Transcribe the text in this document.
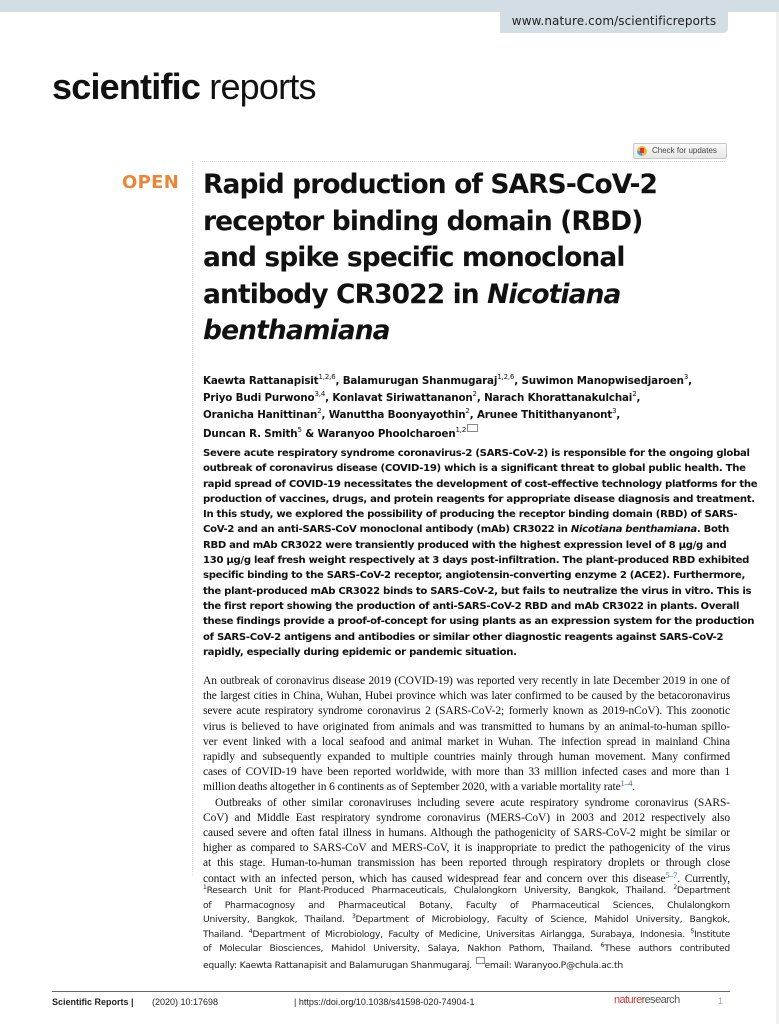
www.nature.com/scientificreports
scientific reports
Check for updates
OPEN Rapid production of SARS-CoV-2
receptor binding domain (RBD)
and spike specific monoclonal
antibody CR3022 in Nicotiana
benthamiana
Kaewta Rattanapisit$^{1,2,6}$, Balamurugan Shanmugaraj$^{1,2,6}$, Suwimon Manopwisedjaroen$^3$,
Priyo Budi Purwono$^{3,4}$, Konlavat Siriwattananon$^2$, Narach Khorattanakulchai$^2$,
Oranicha Hanittinan$^2$, Wanuttha Boonyayothin$^2$, Arunee Thitithanyanont$^3$,
Duncan R. Smith$^5$ & Waranyoo Phoolcharoen$^{1,2}$
Severe acute respiratory syndrome coronavirus-2 (SARS-CoV-2) is responsible for the ongoing global
outbreak of coronavirus disease (COVID-19) which is a significant threat to global public health. The
rapid spread of COVID-19 necessitates the development of cost-effective technology platforms for the
production of vaccines, drugs, and protein reagents for appropriate disease diagnosis and treatment.
In this study, we explored the possibility of producing the receptor binding domain (RBD) of SARS-
CoV-2 and an anti-SARS-CoV monoclonal antibody (mAb) CR3022 in Nicotiana benthamiana. Both
RBD and mAb CR3022 were transiently produced with the highest expression level of 8 µg/g and
130 µg/g leaf fresh weight respectively at 3 days post-infiltration. The plant-produced RBD exhibited
specific binding to the SARS-CoV-2 receptor, angiotensin-converting enzyme 2 (ACE2). Furthermore,
the plant-produced mAb CR3022 binds to SARS-CoV-2, but fails to neutralize the virus in vitro. This is
the first report showing the production of anti-SARS-CoV-2 RBD and mAb CR3022 in plants. Overall
these findings provide a proof-of-concept for using plants as an expression system for the production
of SARS-CoV-2 antigens and antibodies or similar other diagnostic reagents against SARS-CoV-2
rapidly, especially during epidemic or pandemic situation.
An outbreak of coronavirus disease 2019 (COVID-19) was reported very recently in late December 2019 in one of
the largest cities in China, Wuhan, Hubei province which was later confirmed to be caused by the betacoronavirus
severe acute respiratory syndrome coronavirus 2 (SARS-CoV-2; formerly known as 2019-nCoV). This zoonotic
virus is believed to have originated from animals and was transmitted to humans by an animal-to-human spillo-
ver event linked with a local seafood and animal market in Wuhan. The infection spread in mainland China
rapidly and subsequently expanded to multiple countries mainly through human movement. Many confirmed
cases of COVID-19 have been reported worldwide, with more than 33 million infected cases and more than 1
million deaths altogether in 6 continents as of September 2020, with a variable mortality rate$^{1-4}$.
Outbreaks of other similar coronaviruses including severe acute respiratory syndrome coronavirus (SARS-
CoV) and Middle East respiratory syndrome coronavirus (MERS-CoV) in 2003 and 2012 respectively also
caused severe and often fatal illness in humans. Although the pathogenicity of SARS-CoV-2 might be similar or
higher as compared to SARS-CoV and MERS-CoV, it is inappropriate to predict the pathogenicity of the virus
at this stage. Human-to-human transmission has been reported through respiratory droplets or through close
contact with an infected person, which has caused widespread fear and concern over this disease$^{5-7}$. Currently,
$^1$Research Unit for Plant-Produced Pharmaceuticals, Chulalongkorn University, Bangkok, Thailand. $^2$Department
of Pharmacognosy and Pharmaceutical Botany, Faculty of Pharmaceutical Sciences, Chulalongkorn
University, Bangkok, Thailand. $^3$Department of Microbiology, Faculty of Science, Mahidol University, Bangkok,
Thailand. $^4$Department of Microbiology, Faculty of Medicine, Universitas Airlangga, Surabaya, Indonesia. $^5$Institute
of Molecular Biosciences, Mahidol University, Salaya, Nakhon Pathom, Thailand. $^6$These authors contributed
equally: Kaewta Rattanapisit and Balamurugan Shanmugaraj. email: Waranyoo.P@chula.ac.th
Scientific Reports | (2020) 10:17698	| https://doi.org/10.1038/s41598-020-74904-1	natureresearch	1
